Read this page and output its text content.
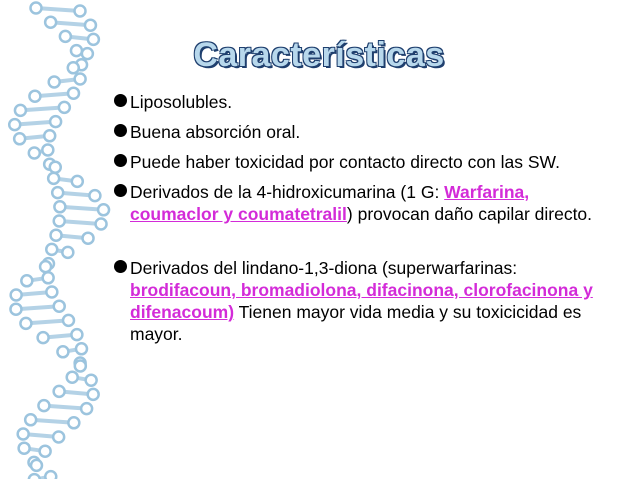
Características
Liposolubles.
Buena absorción oral.
Puede haber toxicidad por contacto directo con las SW.
Derivados de la 4-hidroxicumarina (1 G: Warfarina, coumaclor y coumatetralil) provocan daño capilar directo.
Derivados del lindano-1,3-diona (superwarfarinas: brodifacoun, bromadiolona, difacinona, clorofacinona y difenacoum) Tienen mayor vida media y su toxicicidad es mayor.
